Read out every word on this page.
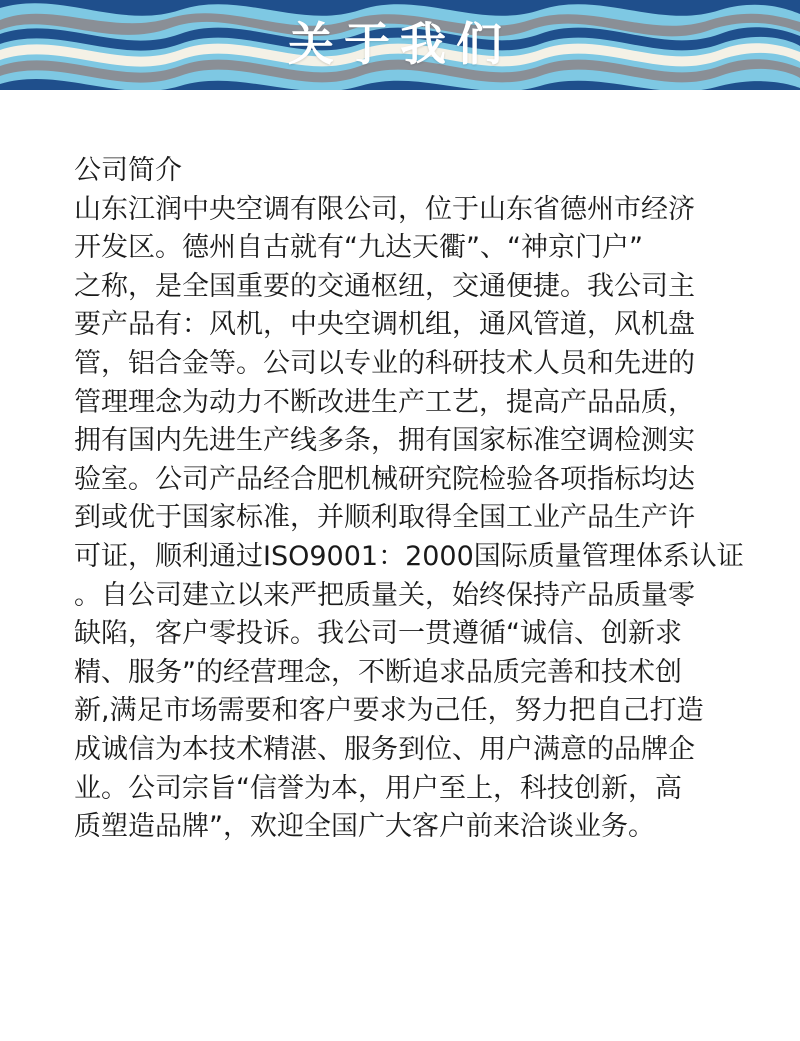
关于我们
公司简介
山东江润中央空调有限公司，位于山东省德州市经济
开发区。德州自古就有“九达天衢”、“神京门户”
之称，是全国重要的交通枢纽，交通便捷。我公司主
要产品有：风机，中央空调机组，通风管道，风机盘
管，铝合金等。公司以专业的科研技术人员和先进的
管理理念为动力不断改进生产工艺，提高产品品质，
拥有国内先进生产线多条，拥有国家标准空调检测实
验室。公司产品经合肥机械研究院检验各项指标均达
到或优于国家标准，并顺利取得全国工业产品生产许
可证，顺利通过ISO9001：2000国际质量管理体系认证
。自公司建立以来严把质量关，始终保持产品质量零
缺陷，客户零投诉。我公司一贯遵循“诚信、创新求
精、服务”的经营理念，不断追求品质完善和技术创
新,满足市场需要和客户要求为己任，努力把自己打造
成诚信为本技术精湛、服务到位、用户满意的品牌企
业。公司宗旨“信誉为本，用户至上，科技创新，高
质塑造品牌”，欢迎全国广大客户前来洽谈业务。
